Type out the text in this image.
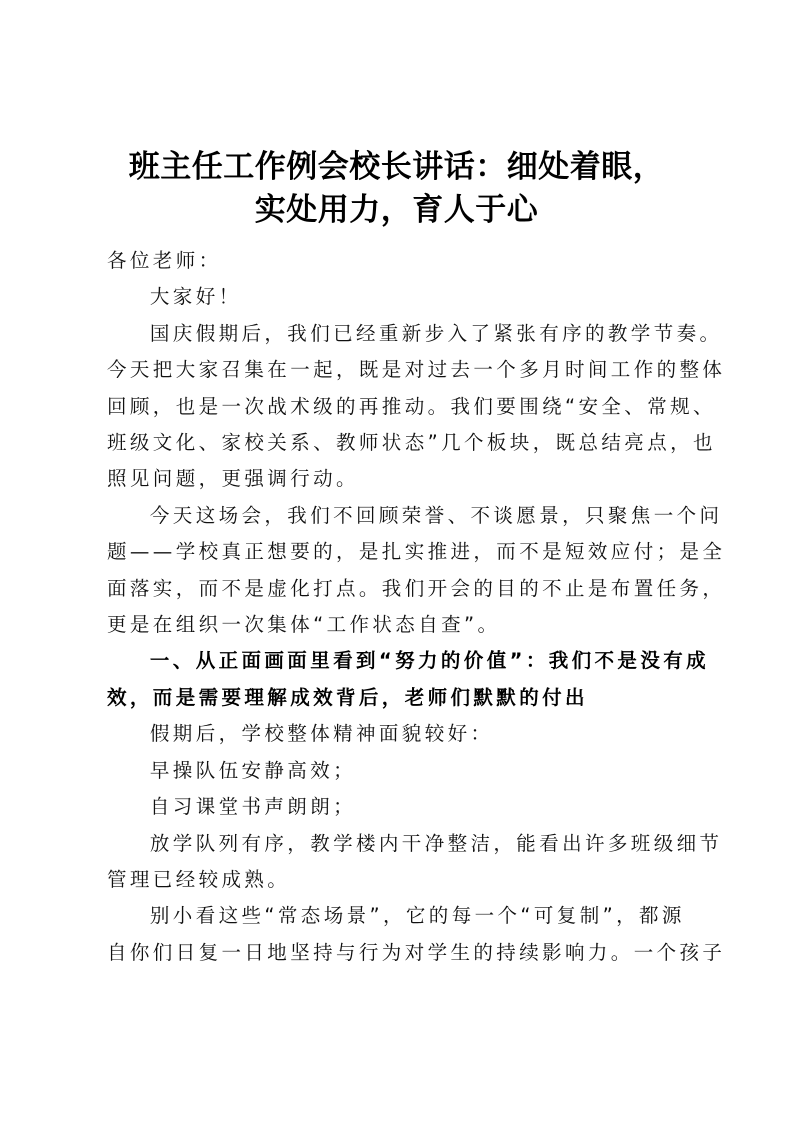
班主任工作例会校长讲话：细处着眼，
实处用力，育人于心

各位老师：

大家好！

国庆假期后，我们已经重新步入了紧张有序的教学节奏。
今天把大家召集在一起，既是对过去一个多月时间工作的整体
回顾，也是一次战术级的再推动。我们要围绕“安全、常规、
班级文化、家校关系、教师状态”几个板块，既总结亮点，也
照见问题，更强调行动。

今天这场会，我们不回顾荣誉、不谈愿景，只聚焦一个问
题——学校真正想要的，是扎实推进，而不是短效应付；是全
面落实，而不是虚化打点。我们开会的目的不止是布置任务，
更是在组织一次集体“工作状态自查”。

一、从正面画面里看到“努力的价值”：我们不是没有成
效，而是需要理解成效背后，老师们默默的付出

假期后，学校整体精神面貌较好：

早操队伍安静高效；

自习课堂书声朗朗；

放学队列有序，教学楼内干净整洁，能看出许多班级细节
管理已经较成熟。

别小看这些“常态场景”，它的每一个“可复制”，都源
自你们日复一日地坚持与行为对学生的持续影响力。一个孩子
